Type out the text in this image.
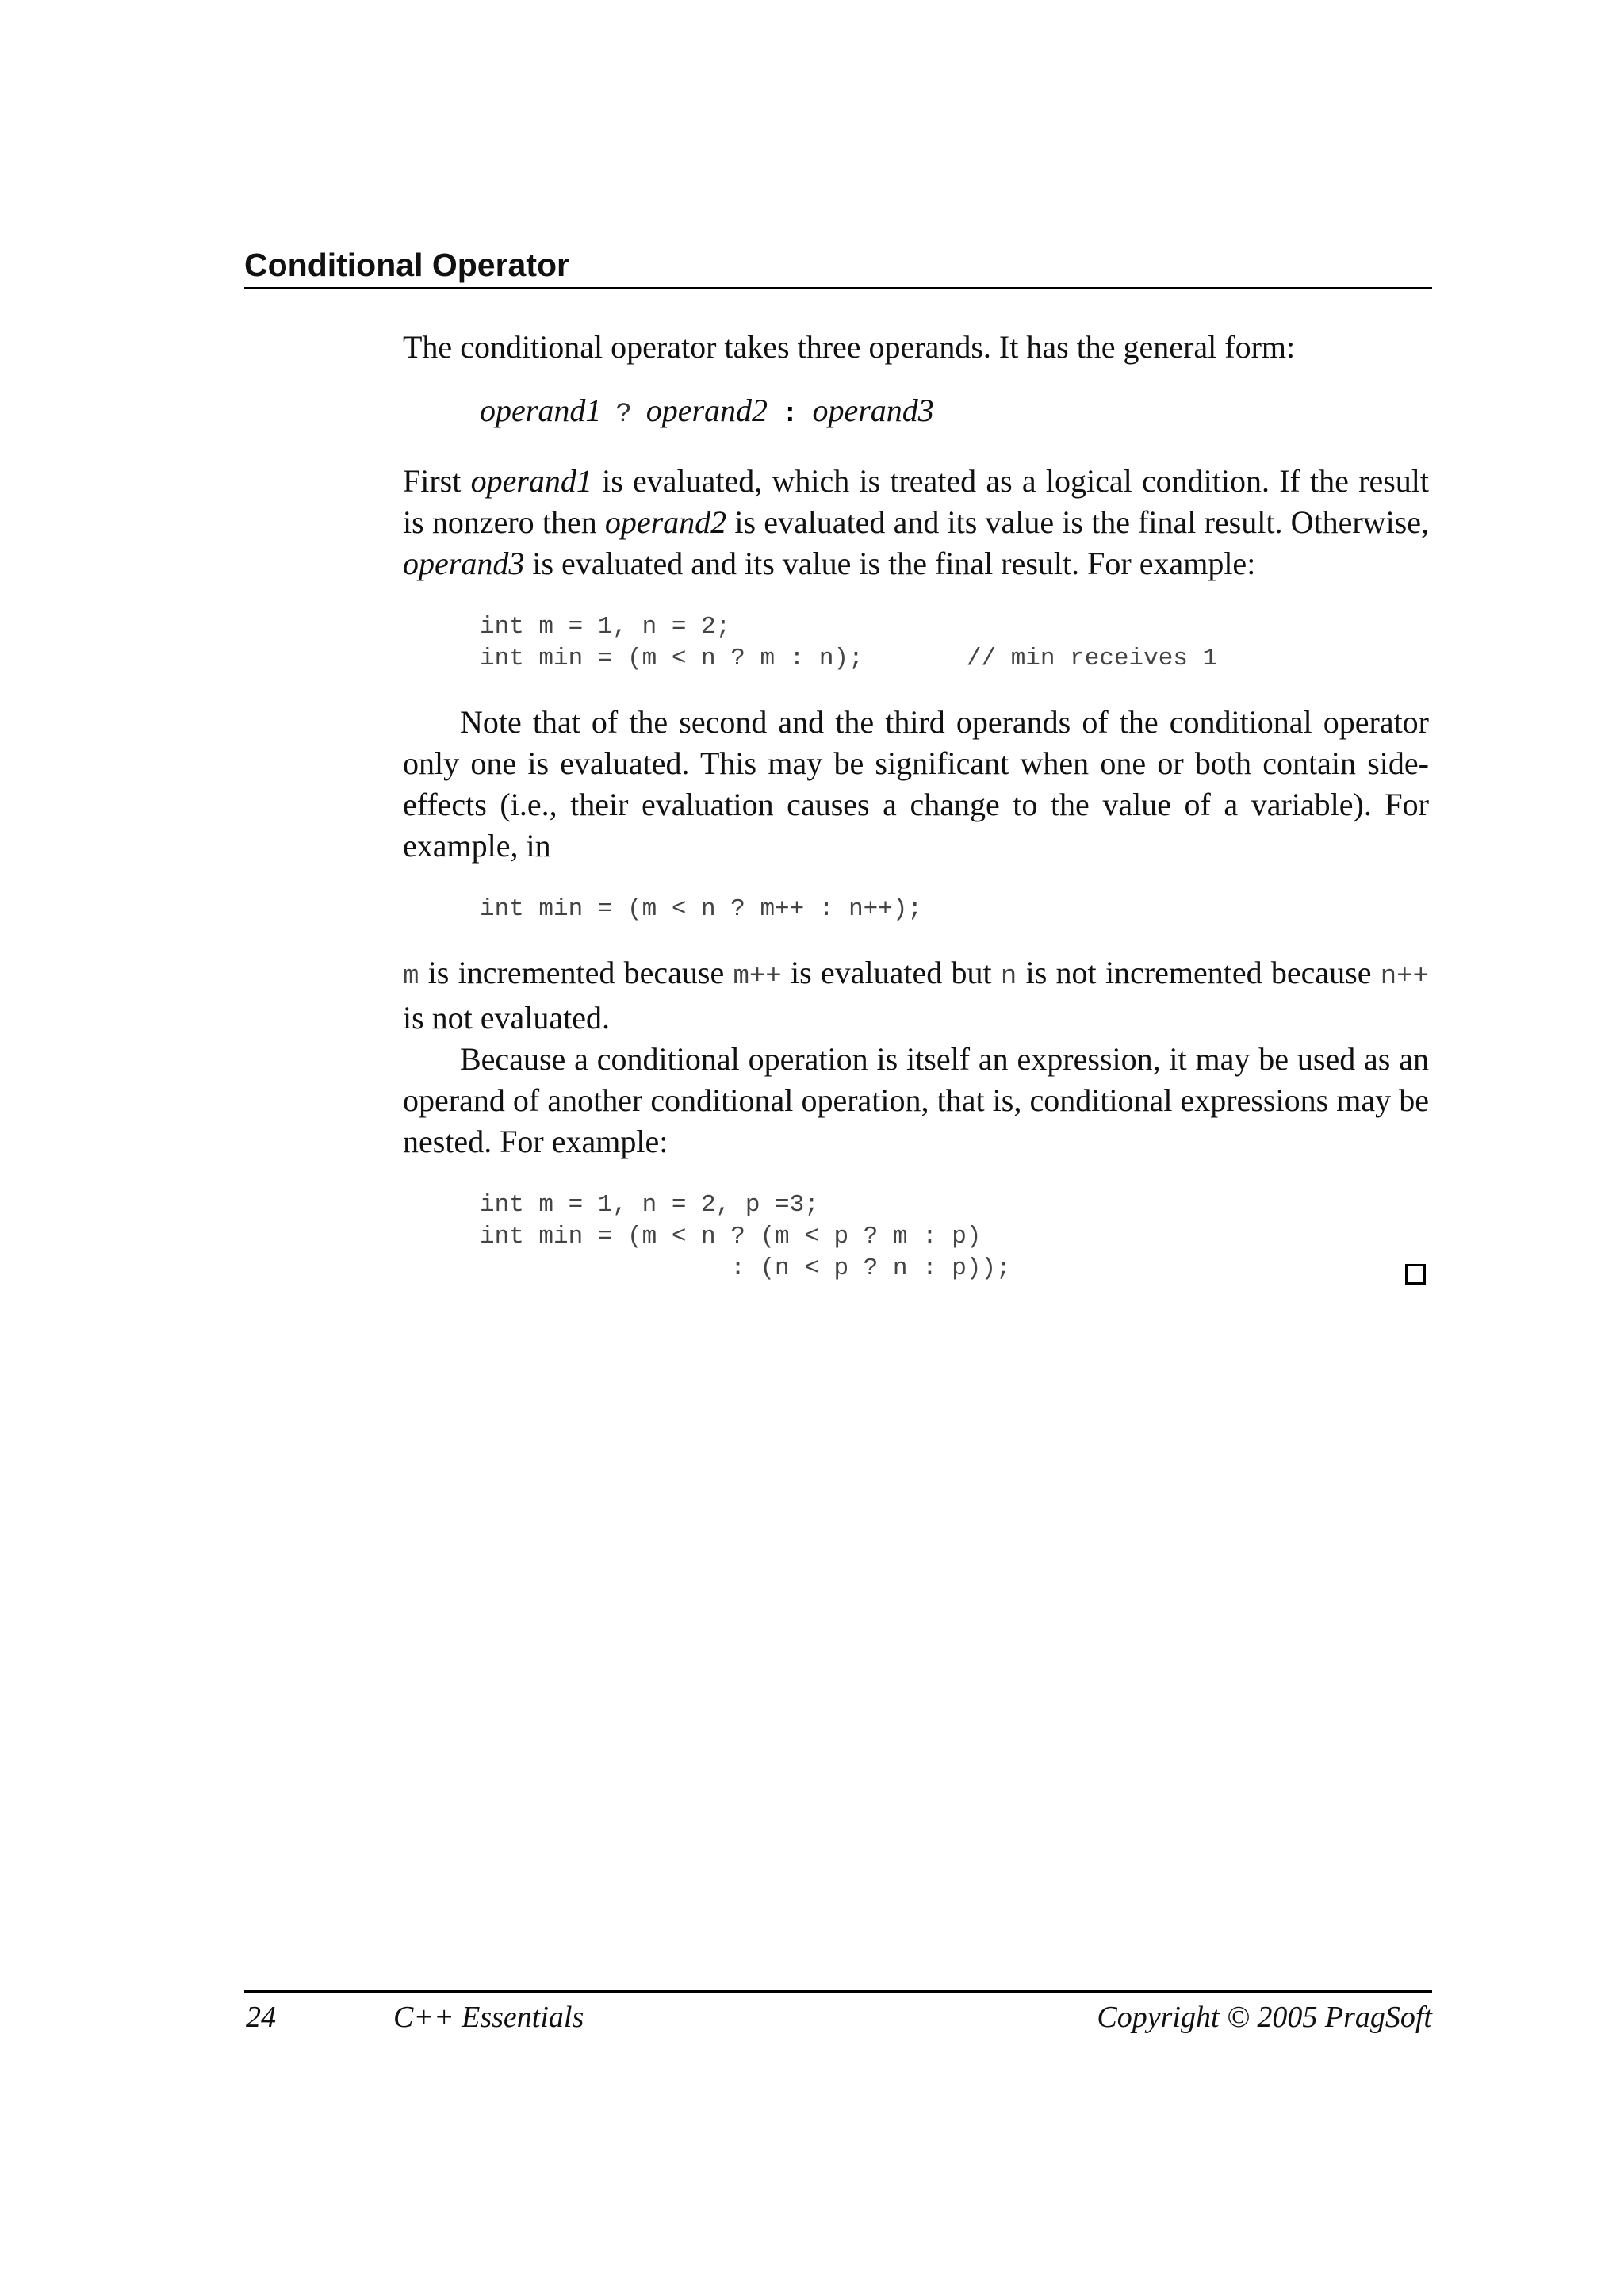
Conditional Operator

The conditional operator takes three operands. It has the general form:

operand1 ? operand2 : operand3

First operand1 is evaluated, which is treated as a logical condition. If the result is nonzero then operand2 is evaluated and its value is the final result. Otherwise, operand3 is evaluated and its value is the final result. For example:

int m = 1, n = 2;
int min = (m < n ? m : n);       // min receives 1

Note that of the second and the third operands of the conditional operator only one is evaluated. This may be significant when one or both contain side-effects (i.e., their evaluation causes a change to the value of a variable). For example, in

int min = (m < n ? m++ : n++);

m is incremented because m++ is evaluated but n is not incremented because n++ is not evaluated.

Because a conditional operation is itself an expression, it may be used as an operand of another conditional operation, that is, conditional expressions may be nested. For example:

int m = 1, n = 2, p =3;
int min = (m < n ? (m < p ? m : p)
: (n < p ? n : p));
24	C++ Essentials	Copyright © 2005 PragSoft
